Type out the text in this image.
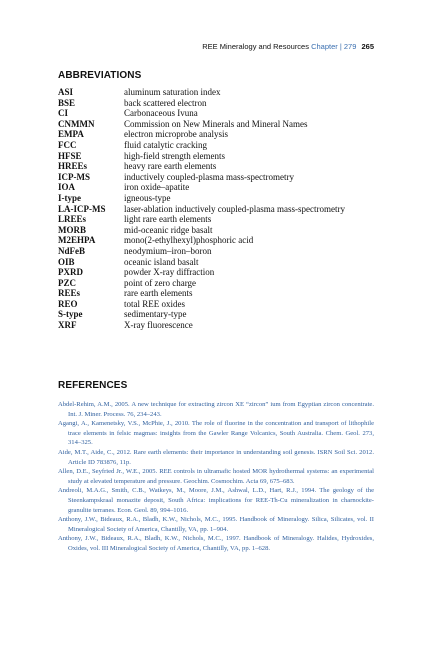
REE Mineralogy and Resources Chapter | 279 265
ABBREVIATIONS
ASI	aluminum saturation index
BSE	back scattered electron
CI	Carbonaceous Ivuna
CNMMN	Commission on New Minerals and Mineral Names
EMPA	electron microprobe analysis
FCC	fluid catalytic cracking
HFSE	high-field strength elements
HREEs	heavy rare earth elements
ICP-MS	inductively coupled-plasma mass-spectrometry
IOA	iron oxide–apatite
I-type	igneous-type
LA-ICP-MS	laser-ablation inductively coupled-plasma mass-spectrometry
LREEs	light rare earth elements
MORB	mid-oceanic ridge basalt
M2EHPA	mono(2-ethylhexyl)phosphoric acid
NdFeB	neodymium–iron–boron
OIB	oceanic island basalt
PXRD	powder X-ray diffraction
PZC	point of zero charge
REEs	rare earth elements
REO	total REE oxides
S-type	sedimentary-type
XRF	X-ray fluorescence
REFERENCES
Abdel-Rehim, A.M., 2005. A new technique for extracting zircon XE “zircon” ium from Egyptian zircon concentrate. Int. J. Miner. Process. 76, 234–243.
Agangi, A., Kamenetsky, V.S., McPhie, J., 2010. The role of fluorine in the concentration and transport of lithophile trace elements in felsic magmas: insights from the Gawler Range Volcanics, South Australia. Chem. Geol. 273, 314–325.
Aide, M.T., Aide, C., 2012. Rare earth elements: their importance in understanding soil genesis. ISRN Soil Sci. 2012. Article ID 783876, 11p.
Allen, D.E., Seyfried Jr., W.E., 2005. REE controls in ultramafic hosted MOR hydrothermal systems: an experimental study at elevated temperature and pressure. Geochim. Cosmochim. Acta 69, 675–683.
Andreoli, M.A.G., Smith, C.B., Watkeys, M., Moore, J.M., Ashwal, L.D., Hart, R.J., 1994. The geology of the Steenkampskraal monazite deposit, South Africa: implications for REE-Th-Cu mineralization in charnockite-granulite terranes. Econ. Geol. 89, 994–1016.
Anthony, J.W., Bideaux, R.A., Bladh, K.W., Nichols, M.C., 1995. Handbook of Mineralogy. Silica, Silicates, vol. II Mineralogical Society of America, Chantilly, VA, pp. 1–904.
Anthony, J.W., Bideaux, R.A., Bladh, K.W., Nichols, M.C., 1997. Handbook of Mineralogy. Halides, Hydroxides, Oxides, vol. III Mineralogical Society of America, Chantilly, VA, pp. 1–628.
